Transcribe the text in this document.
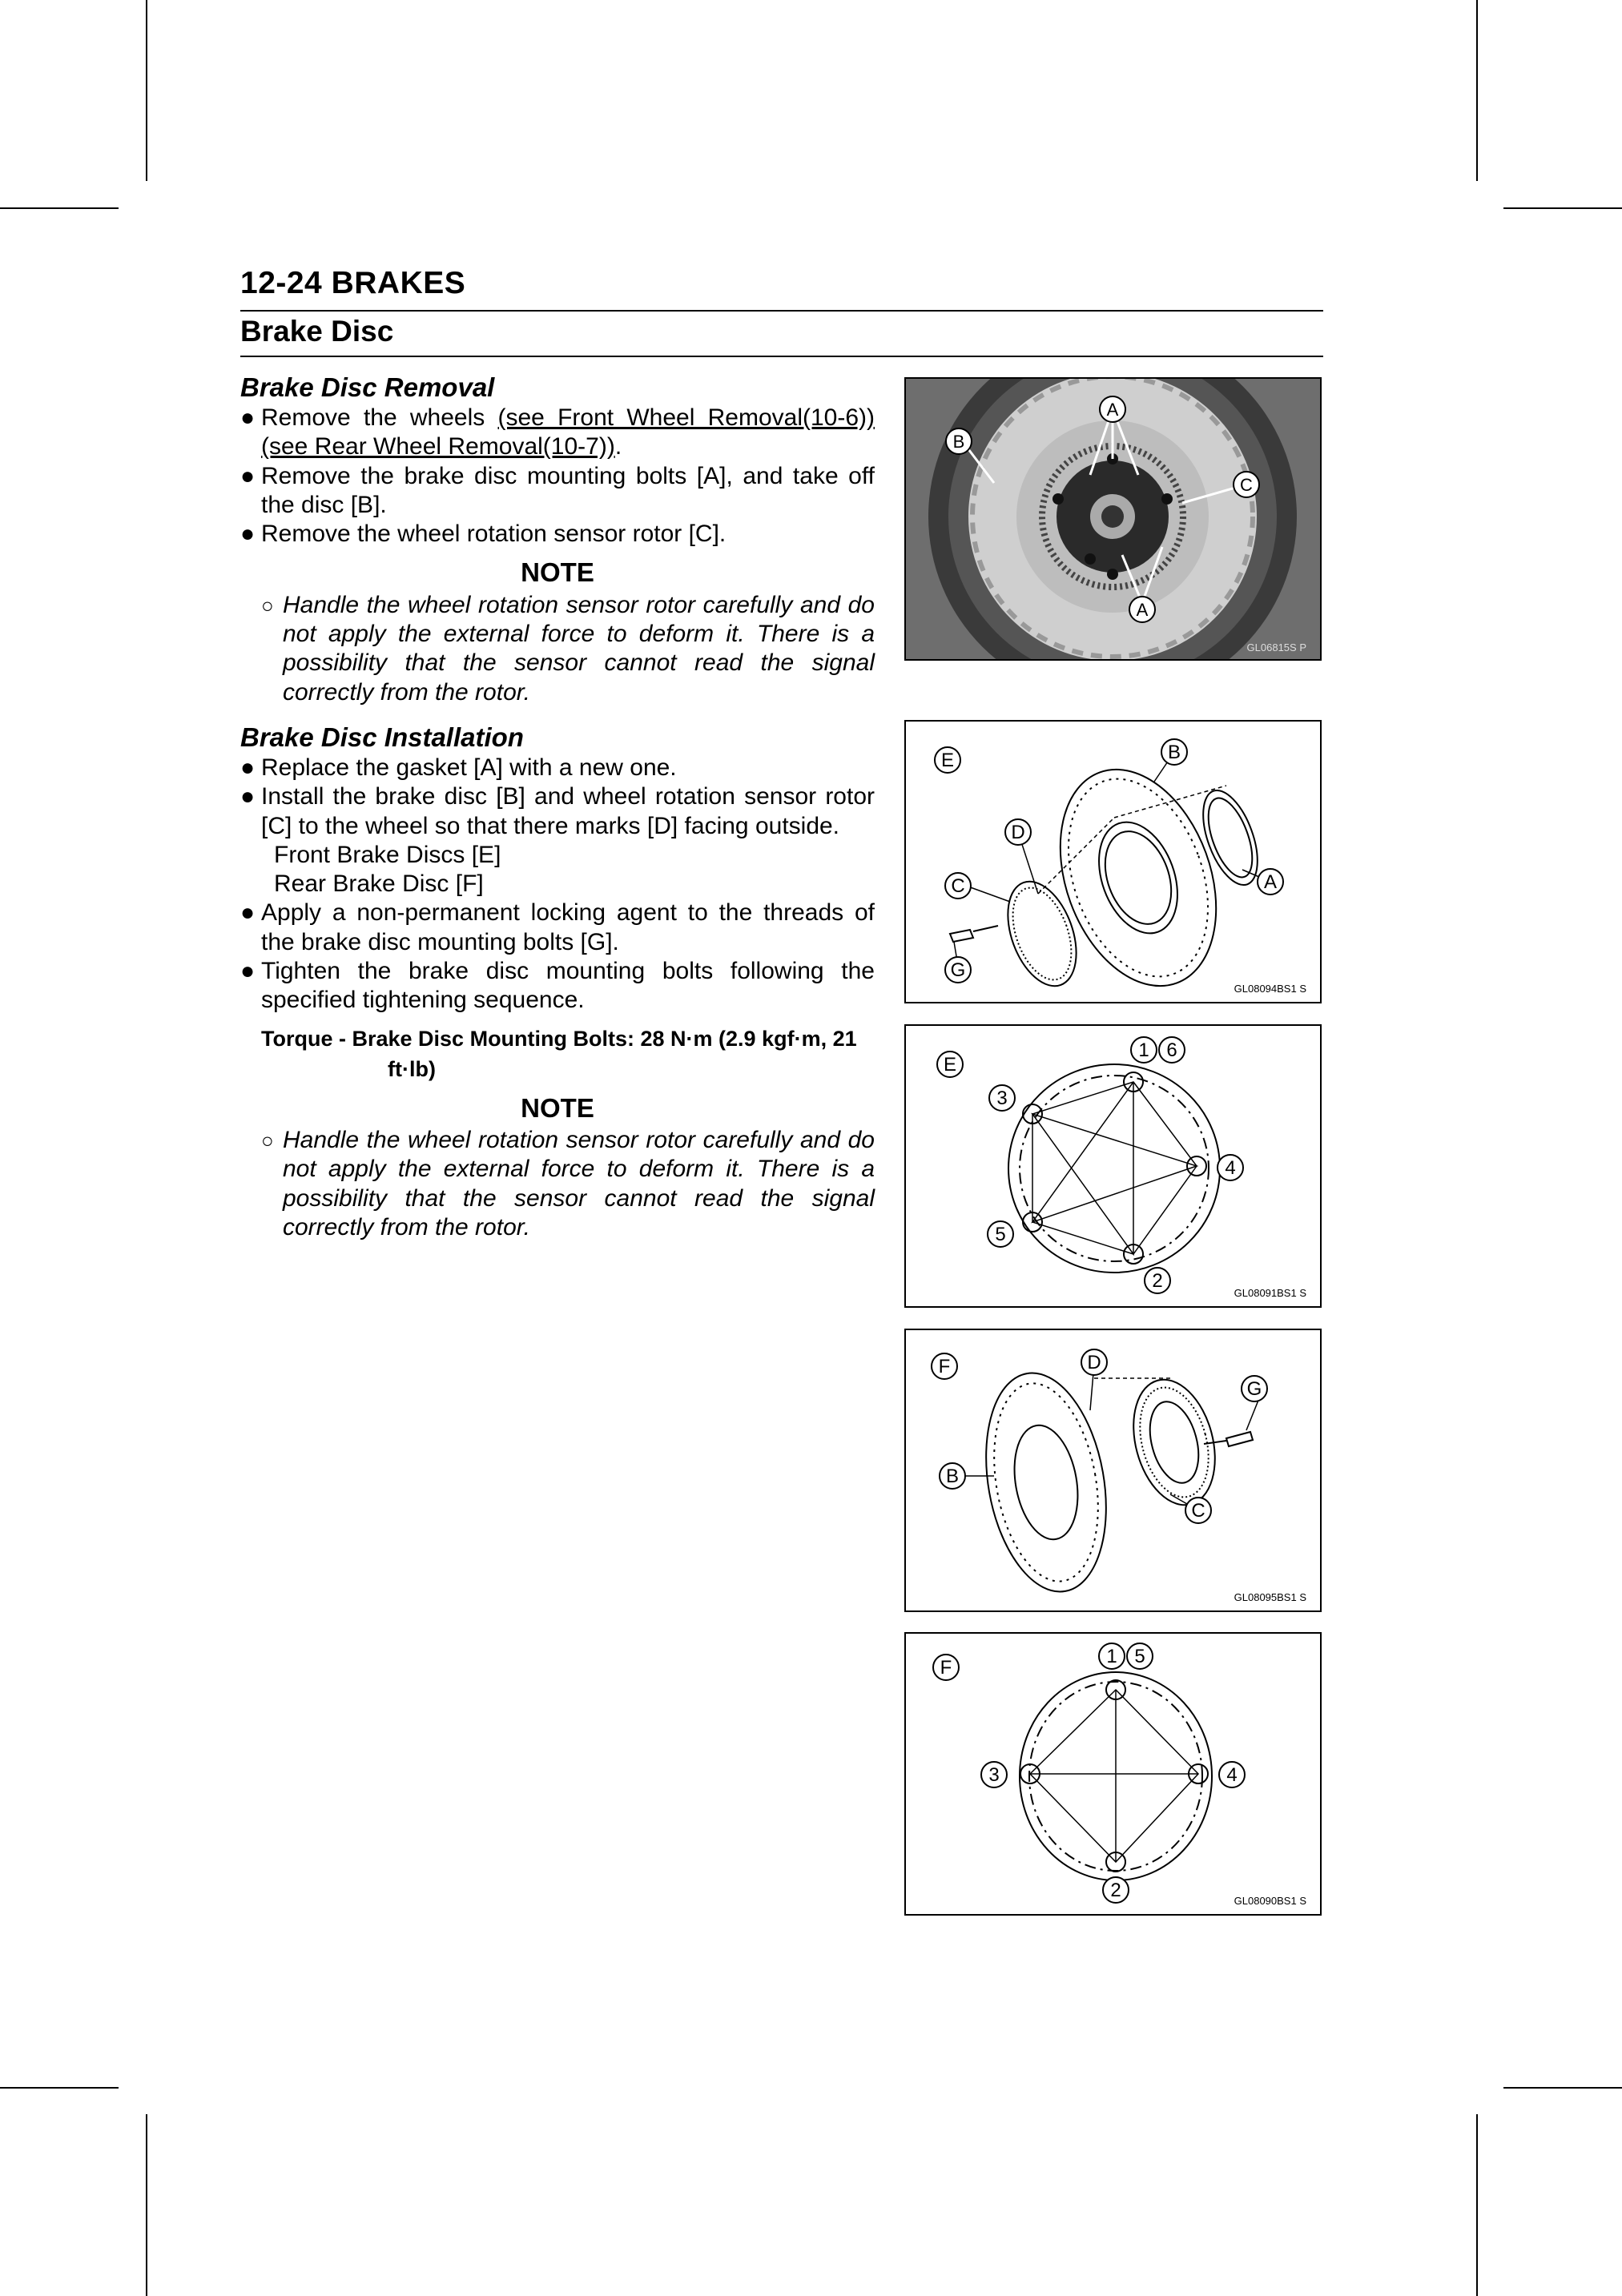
12-24 BRAKES
Brake Disc

Brake Disc Removal

● Remove the wheels (see Front Wheel Removal(10-6)) (see Rear Wheel Removal(10-7)).

● Remove the brake disc mounting bolts [A], and take off the disc [B].

● Remove the wheel rotation sensor rotor [C].

NOTE

○ Handle the wheel rotation sensor rotor carefully and do not apply the external force to deform it. There is a possibility that the sensor cannot read the signal correctly from the rotor.

Brake Disc Installation

● Replace the gasket [A] with a new one.

● Install the brake disc [B] and wheel rotation sensor rotor [C] to the wheel so that there marks [D] facing outside.

Front Brake Discs [E]

Rear Brake Disc [F]

● Apply a non-permanent locking agent to the threads of the brake disc mounting bolts [G].

● Tighten the brake disc mounting bolts following the specified tightening sequence.

Torque - Brake Disc Mounting Bolts: 28 N·m (2.9 kgf·m, 21
ft·lb)
NOTE

○ Handle the wheel rotation sensor rotor carefully and do not apply the external force to deform it. There is a possibility that the sensor cannot read the signal correctly from the rotor.

A
A
C
B
GL06815S P
E	B
D
C	A
G
GL08094BS1 S
E
1 6
3
4
5
2
GL08091BS1 S
F	D
G
B
C
GL08095BS1 S
F
1 5
3	4
2	GL08090BS1 S
